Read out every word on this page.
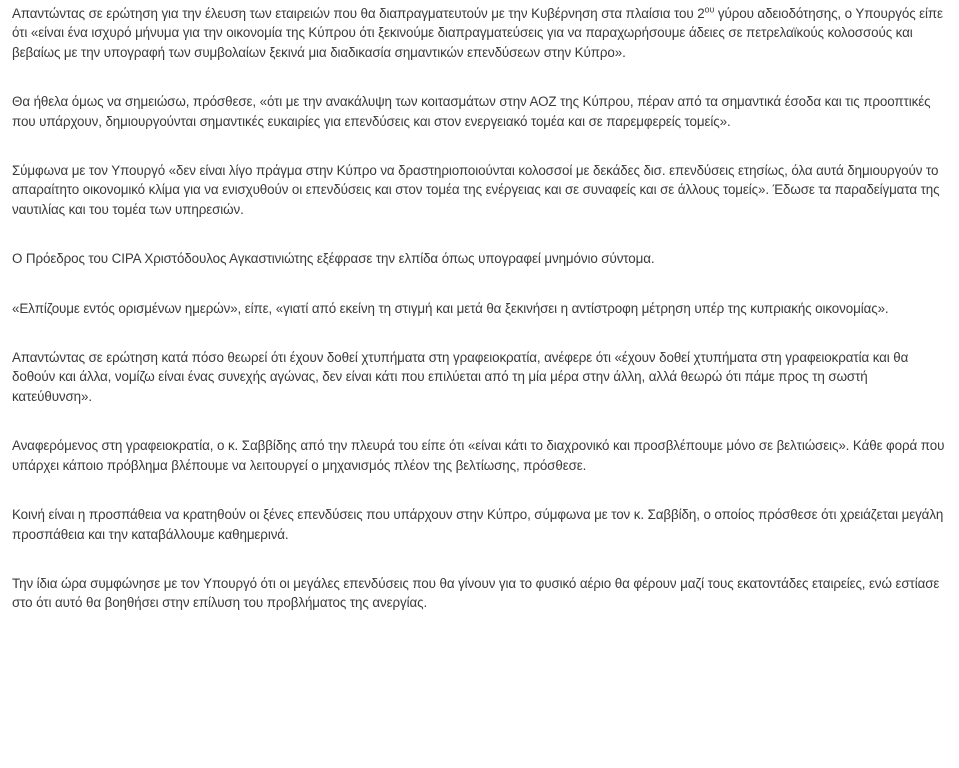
Απαντώντας σε ερώτηση για την έλευση των εταιρειών που θα διαπραγματευτούν με την Κυβέρνηση στα πλαίσια του $2^{o\upsilon}$ γύρου αδειοδότησης, ο Υπουργός είπε ότι «είναι ένα ισχυρό μήνυμα για την οικονομία της Κύπρου ότι ξεκινούμε διαπραγματεύσεις για να παραχωρήσουμε άδειες σε πετρελαϊκούς κολοσσούς και βεβαίως με την υπογραφή των συμβολαίων ξεκινά μια διαδικασία σημαντικών επενδύσεων στην Κύπρο».

Θα ήθελα όμως να σημειώσω, πρόσθεσε, «ότι με την ανακάλυψη των κοιτασμάτων στην ΑΟΖ της Κύπρου, πέραν από τα σημαντικά έσοδα και τις προοπτικές που υπάρχουν, δημιουργούνται σημαντικές ευκαιρίες για επενδύσεις και στον ενεργειακό τομέα και σε παρεμφερείς τομείς».

Σύμφωνα με τον Υπουργό «δεν είναι λίγο πράγμα στην Κύπρο να δραστηριοποιούνται κολοσσοί με δεκάδες δισ. επενδύσεις ετησίως, όλα αυτά δημιουργούν το απαραίτητο οικονομικό κλίμα για να ενισχυθούν οι επενδύσεις και στον τομέα της ενέργειας και σε συναφείς και σε άλλους τομείς». Έδωσε τα παραδείγματα της ναυτιλίας και του τομέα των υπηρεσιών.

Ο Πρόεδρος του CIPA Χριστόδουλος Αγκαστινιώτης εξέφρασε την ελπίδα όπως υπογραφεί μνημόνιο σύντομα.

«Ελπίζουμε εντός ορισμένων ημερών», είπε, «γιατί από εκείνη τη στιγμή και μετά θα ξεκινήσει η αντίστροφη μέτρηση υπέρ της κυπριακής οικονομίας».

Απαντώντας σε ερώτηση κατά πόσο θεωρεί ότι έχουν δοθεί χτυπήματα στη γραφειοκρατία, ανέφερε ότι «έχουν δοθεί χτυπήματα στη γραφειοκρατία και θα δοθούν και άλλα, νομίζω είναι ένας συνεχής αγώνας, δεν είναι κάτι που επιλύεται από τη μία μέρα στην άλλη, αλλά θεωρώ ότι πάμε προς τη σωστή κατεύθυνση».

Αναφερόμενος στη γραφειοκρατία, ο κ. Σαββίδης από την πλευρά του είπε ότι «είναι κάτι το διαχρονικό και προσβλέπουμε μόνο σε βελτιώσεις». Κάθε φορά που υπάρχει κάποιο πρόβλημα βλέπουμε να λειτουργεί ο μηχανισμός πλέον της βελτίωσης, πρόσθεσε.

Κοινή είναι η προσπάθεια να κρατηθούν οι ξένες επενδύσεις που υπάρχουν στην Κύπρο, σύμφωνα με τον κ. Σαββίδη, ο οποίος πρόσθεσε ότι χρειάζεται μεγάλη προσπάθεια και την καταβάλλουμε καθημερινά.

Την ίδια ώρα συμφώνησε με τον Υπουργό ότι οι μεγάλες επενδύσεις που θα γίνουν για το φυσικό αέριο θα φέρουν μαζί τους εκατοντάδες εταιρείες, ενώ εστίασε στο ότι αυτό θα βοηθήσει στην επίλυση του προβλήματος της ανεργίας.
